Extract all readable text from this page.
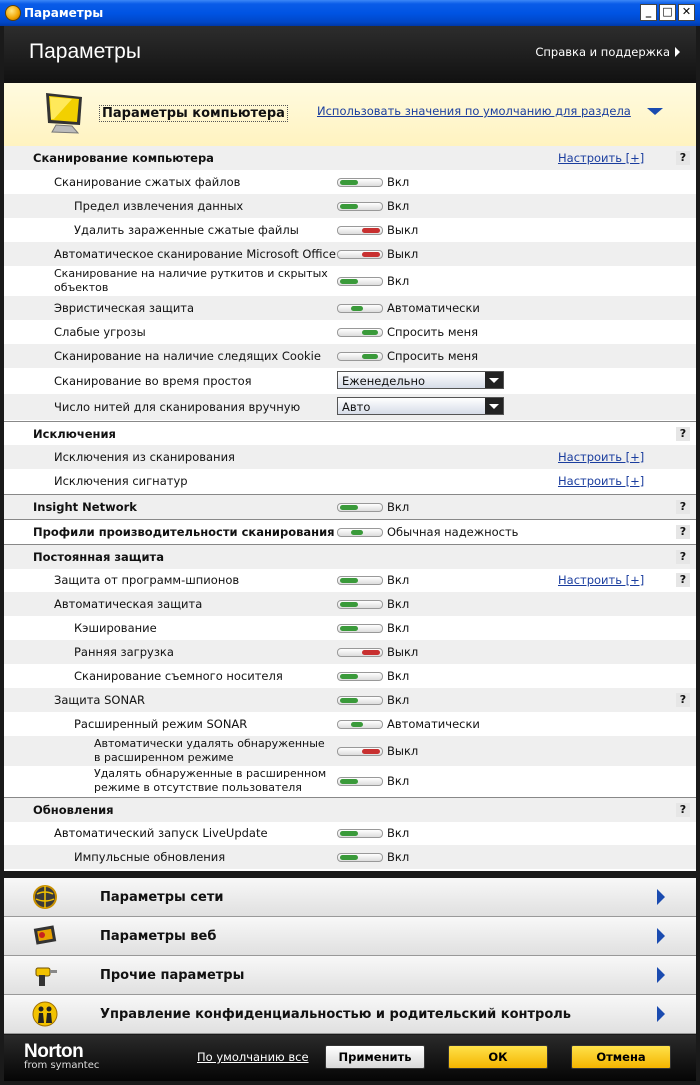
Параметры	_	□ ✕
Параметры	Справка и поддержка
Параметры компьютера	Использовать значения по умолчанию для раздела
Сканирование компьютера	Настроить [+]	?
Сканирование сжатых файлов	Вкл
Предел извлечения данных	Вкл
Удалить зараженные сжатые файлы	Выкл
Автоматическое сканирование Microsoft Office	Выкл
Сканирование на наличие руткитов и скрытых объектов	Вкл
Эвристическая защита	Автоматически
Слабые угрозы	Спросить меня
Сканирование на наличие следящих Cookie	Спросить меня
Сканирование во время простоя	Еженедельно
Число нитей для сканирования вручную	Авто
Исключения	?
Исключения из сканирования	Настроить [+]
Исключения сигнатур	Настроить [+]
Insight Network	Вкл	?
Профили производительности сканирования	Обычная надежность	?
Постоянная защита	?
Защита от программ-шпионов	Вкл	Настроить [+]	?
Автоматическая защита	Вкл
Кэширование	Вкл
Ранняя загрузка	Выкл
Сканирование съемного носителя	Вкл
Защита SONAR	Вкл	?
Расширенный режим SONAR	Автоматически
Автоматически удалять обнаруженные в расширенном режиме	Выкл
Удалять обнаруженные в расширенном режиме в отсутствие пользователя	Вкл
Обновления	?
Автоматический запуск LiveUpdate	Вкл
Импульсные обновления	Вкл
Параметры сети
Параметры веб
Прочие параметры
Управление конфиденциальностью и родительский контроль
Norton
from symantec
По умолчанию все	Применить	ОК	Отмена
